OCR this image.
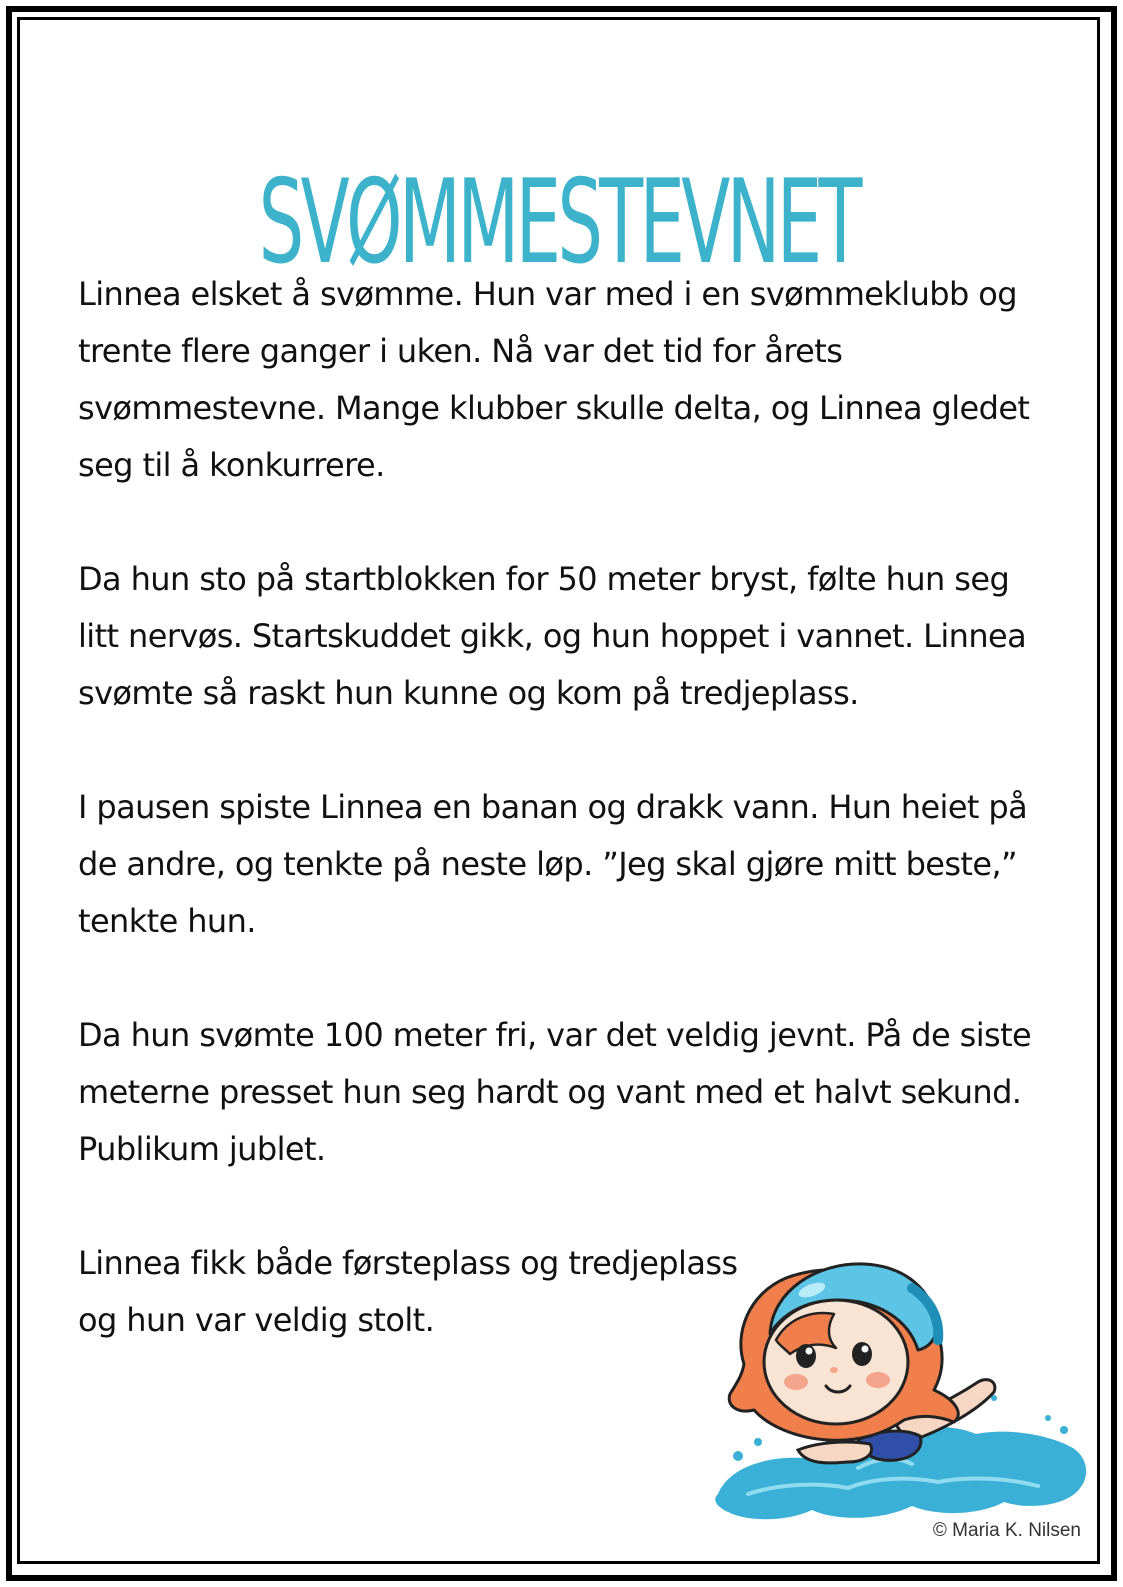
SVØMMESTEVNET

Linnea elsket å svømme. Hun var med i en svømmeklubb og
trente flere ganger i uken. Nå var det tid for årets
svømmestevne. Mange klubber skulle delta, og Linnea gledet
seg til å konkurrere.

Da hun sto på startblokken for 50 meter bryst, følte hun seg
litt nervøs. Startskuddet gikk, og hun hoppet i vannet. Linnea
svømte så raskt hun kunne og kom på tredjeplass.

I pausen spiste Linnea en banan og drakk vann. Hun heiet på
de andre, og tenkte på neste løp. ”Jeg skal gjøre mitt beste,”
tenkte hun.

Da hun svømte 100 meter fri, var det veldig jevnt. På de siste
meterne presset hun seg hardt og vant med et halvt sekund.
Publikum jublet.

Linnea fikk både førsteplass og tredjeplass
og hun var veldig stolt.

© Maria K. Nilsen
